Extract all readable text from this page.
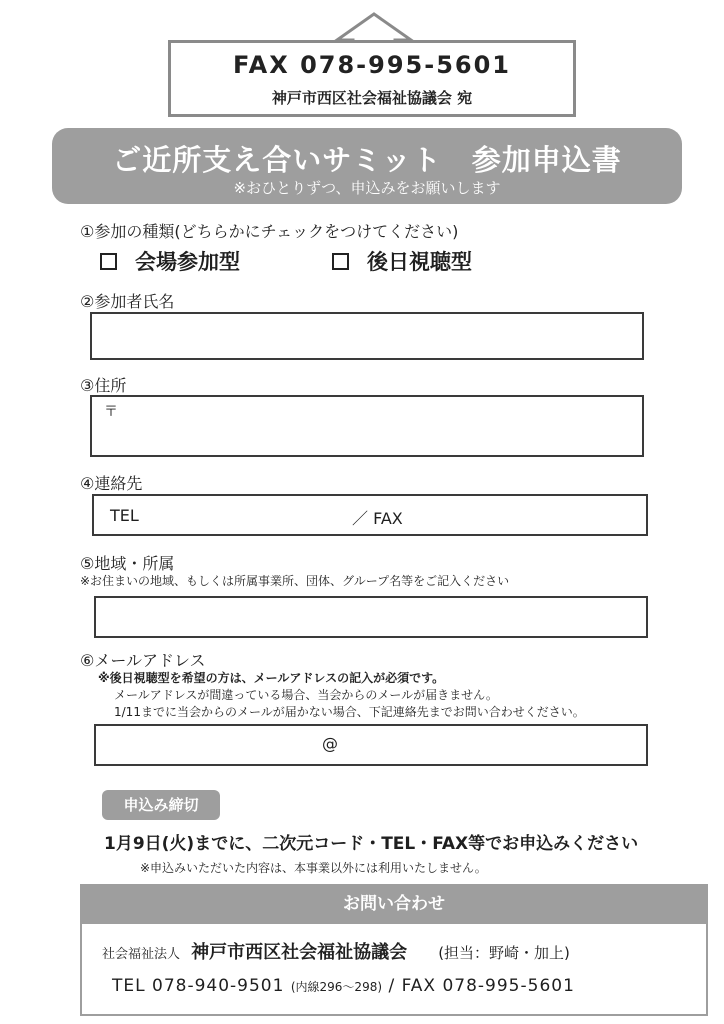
FAX 078-995-5601
神戸市西区社会福祉協議会 宛
ご近所支え合いサミット　参加申込書
※おひとりずつ、申込みをお願いします
①参加の種類(どちらかにチェックをつけてください)
会場参加型	後日視聴型
②参加者氏名
③住所
〒
④連絡先
TEL	／ FAX
⑤地域・所属
※お住まいの地域、もしくは所属事業所、団体、グループ名等をご記入ください
⑥メールアドレス
※後日視聴型を希望の方は、メールアドレスの記入が必須です。
メールアドレスが間違っている場合、当会からのメールが届きません。
1/11までに当会からのメールが届かない場合、下記連絡先までお問い合わせください。
@
申込み締切
1月9日(火)までに、二次元コード・TEL・FAX等でお申込みください
※申込みいただいた内容は、本事業以外には利用いたしません。
お問い合わせ
社会福祉法人 神戸市西区社会福祉協議会 (担当：野崎・加上)
TEL 078-940-9501 (内線296〜298) / FAX 078-995-5601
